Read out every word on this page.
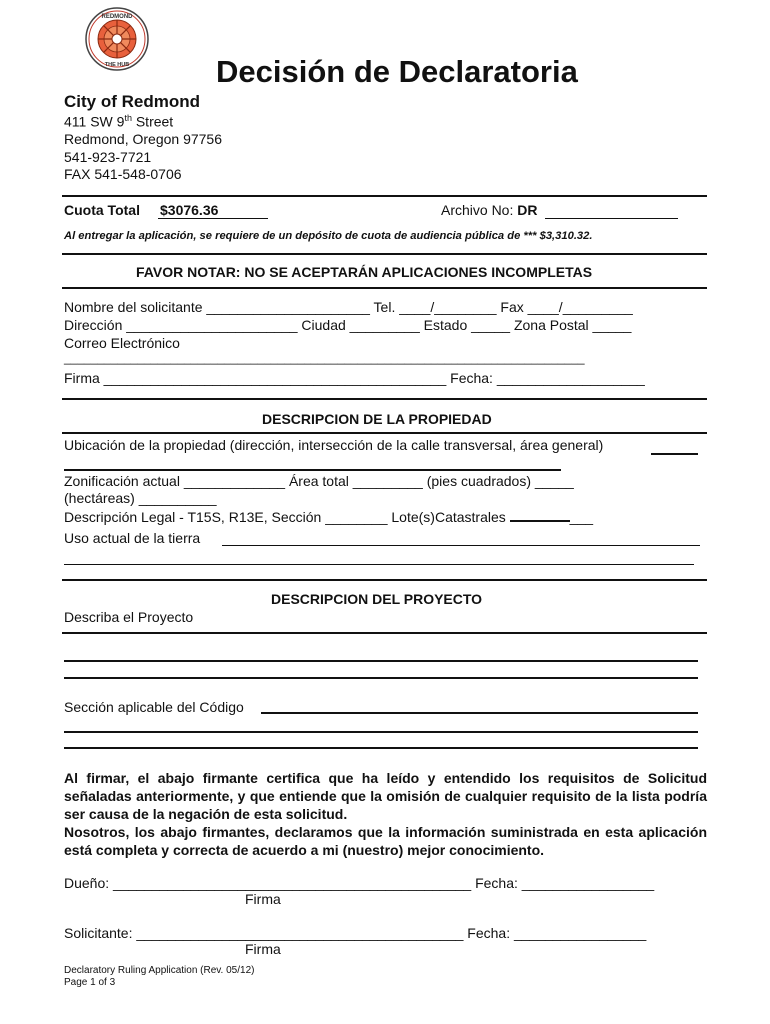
REDMOND
THE HUB	Decisión de Declaratoria
City of Redmond
411 SW 9th Street
Redmond, Oregon 97756
541-923-7721
FAX 541-548-0706
Cuota Total $3076.36	Archivo No: DR
Al entregar la aplicación, se requiere de un depósito de cuota de audiencia pública de *** $3,310.32.
FAVOR NOTAR: NO SE ACEPTARÁN APLICACIONES INCOMPLETAS
Nombre del solicitante _____________________ Tel. ____/________ Fax ____/_________
Dirección ______________________ Ciudad _________ Estado _____ Zona Postal _____
Correo Electrónico
______________________________________________________________________________
Firma ____________________________________________ Fecha: ___________________
DESCRIPCION DE LA PROPIEDAD
Ubicación de la propiedad (dirección, intersección de la calle transversal, área general)
Zonificación actual _____________ Área total _________ (pies cuadrados) _____
(hectáreas) __________
Descripción Legal - T15S, R13E, Sección ________ Lote(s)Catastrales	___
Uso actual de la tierra
DESCRIPCION DEL PROYECTO
Describa el Proyecto
Sección aplicable del Código
Al firmar, el abajo firmante certifica que ha leído y entendido los requisitos de Solicitud señaladas anteriormente, y que entiende que la omisión de cualquier requisito de la lista podría ser causa de la negación de esta solicitud.
Nosotros, los abajo firmantes, declaramos que la información suministrada en esta aplicación está completa y correcta de acuerdo a mi (nuestro) mejor conocimiento.
Dueño: ______________________________________________ Fecha: _________________
Firma
Solicitante: __________________________________________ Fecha: _________________
Firma
Declaratory Ruling Application (Rev. 05/12)
Page 1 of 3
